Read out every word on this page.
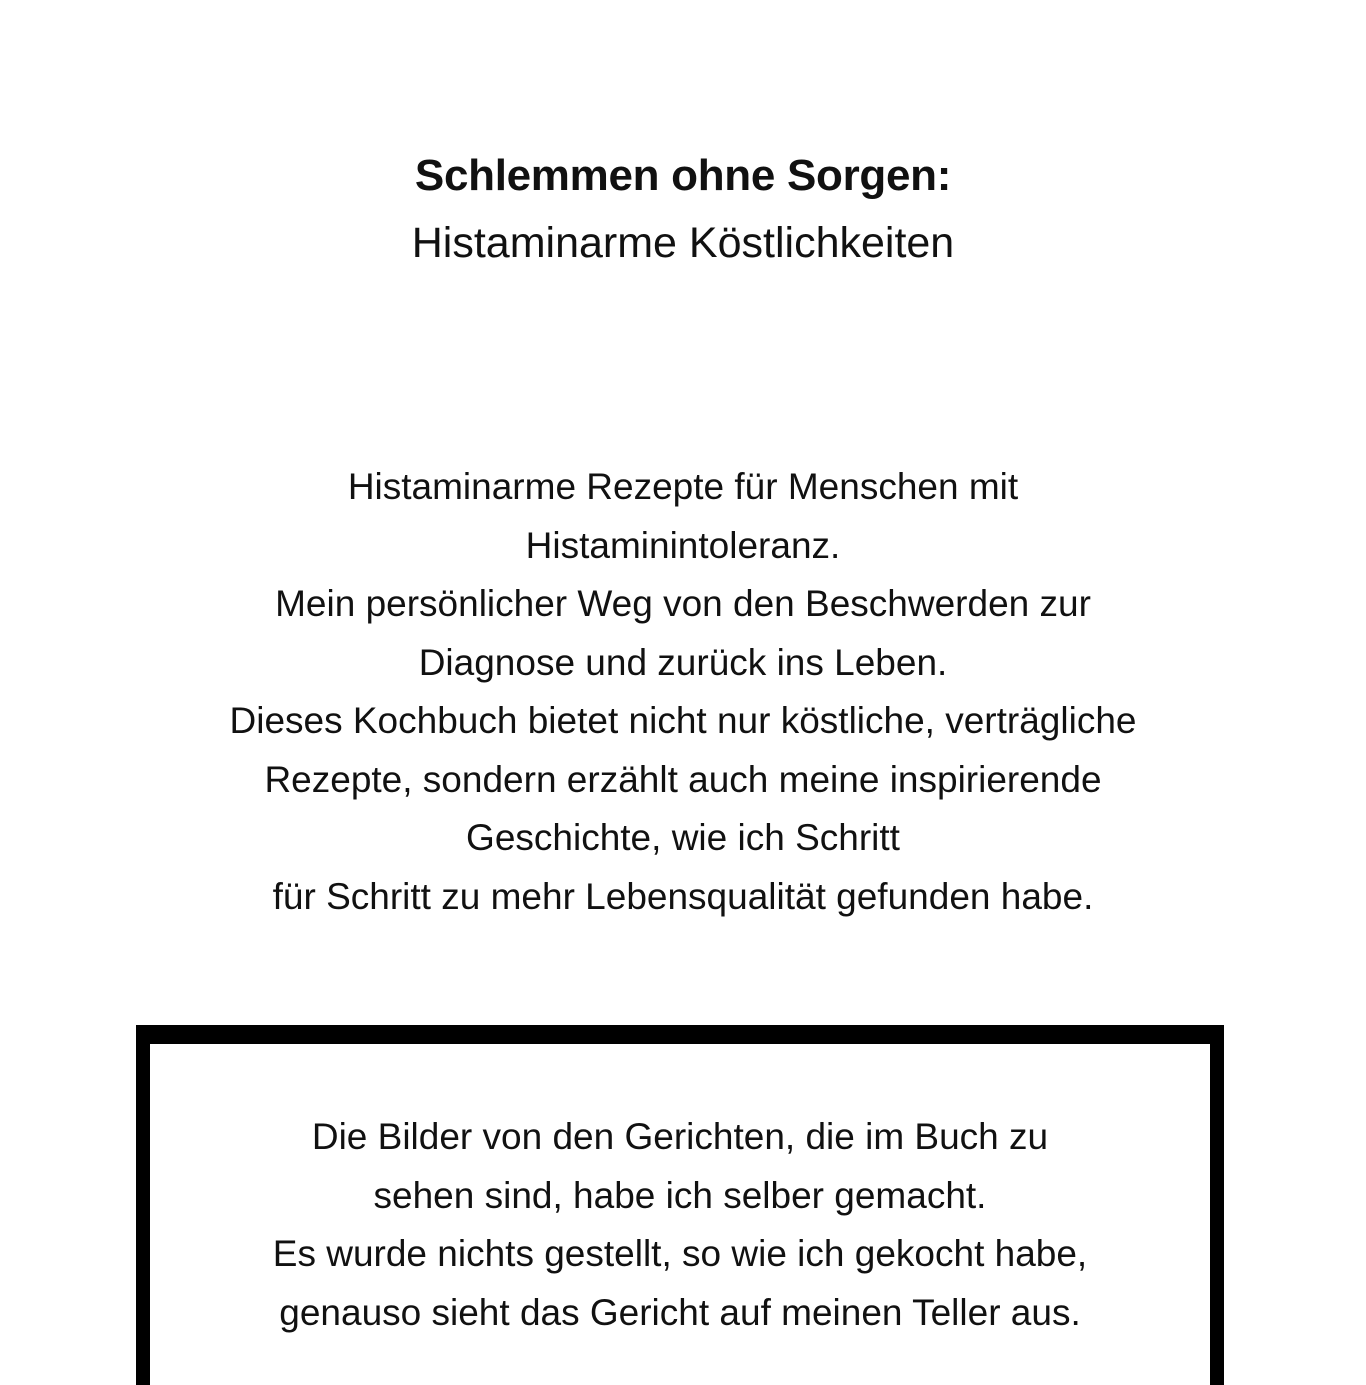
Schlemmen ohne Sorgen:
Histaminarme Köstlichkeiten
Histaminarme Rezepte für Menschen mit
Histaminintoleranz.
Mein persönlicher Weg von den Beschwerden zur
Diagnose und zurück ins Leben.
Dieses Kochbuch bietet nicht nur köstliche, verträgliche
Rezepte, sondern erzählt auch meine inspirierende
Geschichte, wie ich Schritt
für Schritt zu mehr Lebensqualität gefunden habe.
Die Bilder von den Gerichten, die im Buch zu
sehen sind, habe ich selber gemacht.
Es wurde nichts gestellt, so wie ich gekocht habe,
genauso sieht das Gericht auf meinen Teller aus.
